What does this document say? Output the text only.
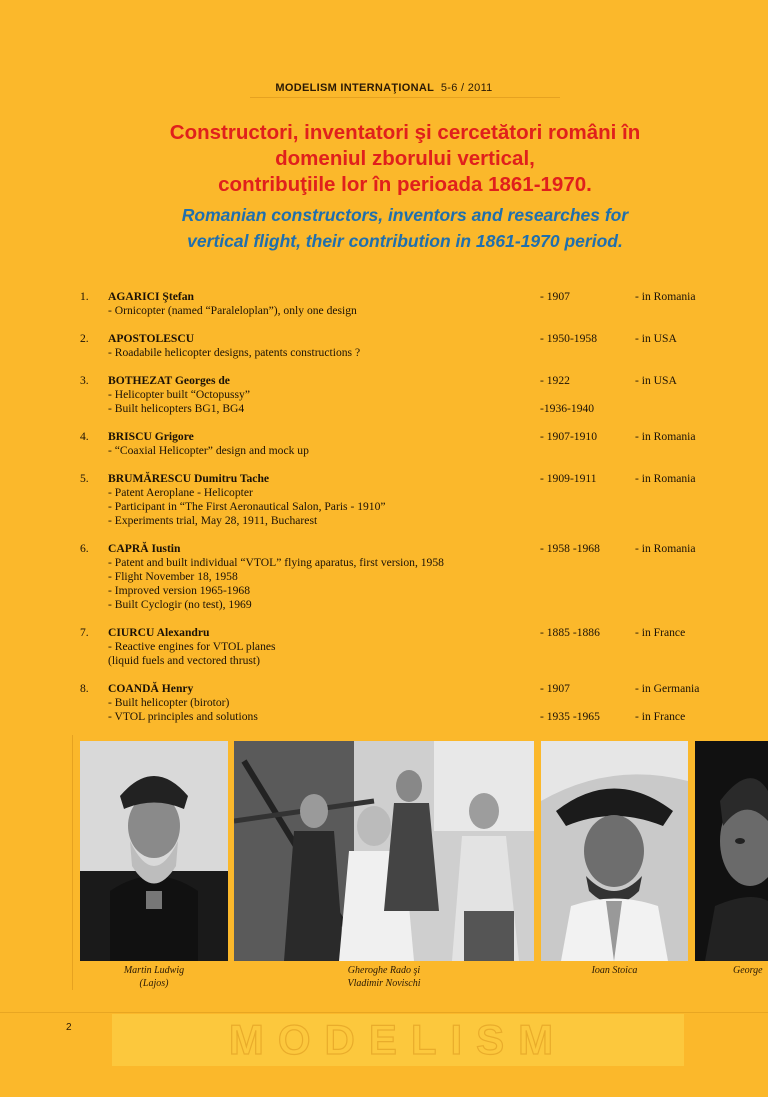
MODELISM INTERNAŢIONAL 5-6 / 2011
Constructori, inventatori şi cercetători români în
domeniul zborului vertical,
contribuţiile lor în perioada 1861-1970.
Romanian constructors, inventors and researches for
vertical flight, their contribution in 1861-1970 period.
1. AGARICI Ştefan	- 1907	- in Romania
- Ornicopter (named “Paraleloplan”), only one design
2. APOSTOLESCU	- 1950-1958	- in USA
- Roadabile helicopter designs, patents constructions ?
3. BOTHEZAT Georges de	- 1922	- in USA
- Helicopter built “Octopussy”
- Built helicopters BG1, BG4	-1936-1940
4. BRISCU Grigore	- 1907-1910	- in Romania
- “Coaxial Helicopter” design and mock up
5. BRUMĂRESCU Dumitru Tache	- 1909-1911	- in Romania
- Patent Aeroplane - Helicopter
- Participant in “The First Aeronautical Salon, Paris - 1910”
- Experiments trial, May 28, 1911, Bucharest
6. CAPRĂ Iustin	- 1958 -1968	- in Romania
- Patent and built individual “VTOL” flying aparatus, first version, 1958
- Flight November 18, 1958
- Improved version 1965-1968
- Built Cyclogir (no test), 1969
7. CIURCU Alexandru	- 1885 -1886	- in France
- Reactive engines for VTOL planes
(liquid fuels and vectored thrust)
8. COANDĂ Henry	- 1907	- in Germania
- Built helicopter (birotor)
- VTOL principles and solutions	- 1935 -1965	- in France
Martin Ludwig
(Lajos)
Gheroghe Rado şi
Vladimir Novischi
Ioan Stoica	George
2	MODELISM
